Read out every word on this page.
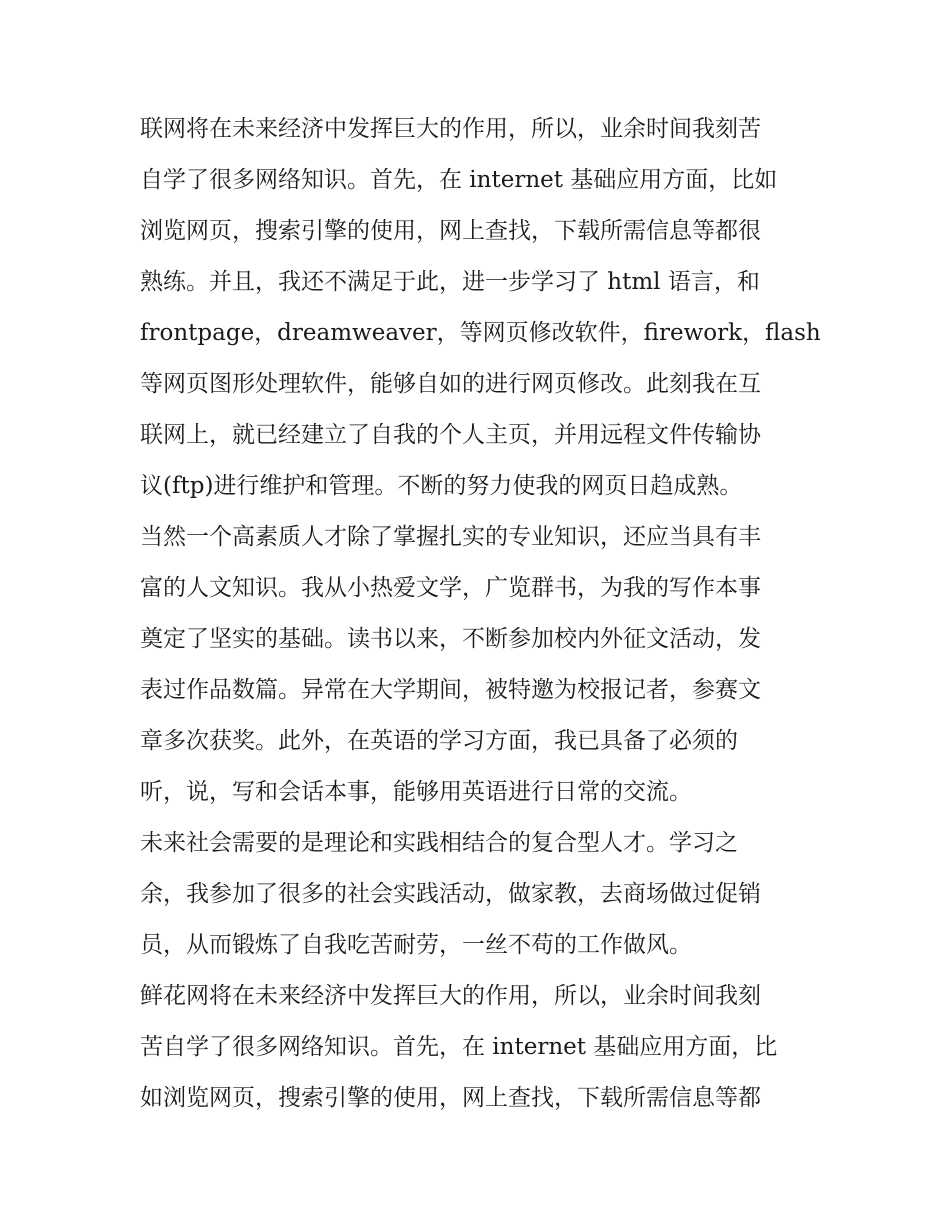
联网将在未来经济中发挥巨大的作用，所以，业余时间我刻苦
自学了很多网络知识。首先，在 internet 基础应用方面，比如
浏览网页，搜索引擎的使用，网上查找，下载所需信息等都很
熟练。并且，我还不满足于此，进一步学习了 html 语言，和
frontpage，dreamweaver，等网页修改软件，firework，flash
等网页图形处理软件，能够自如的进行网页修改。此刻我在互
联网上，就已经建立了自我的个人主页，并用远程文件传输协
议(ftp)进行维护和管理。不断的努力使我的网页日趋成熟。
当然一个高素质人才除了掌握扎实的专业知识，还应当具有丰
富的人文知识。我从小热爱文学，广览群书，为我的写作本事
奠定了坚实的基础。读书以来，不断参加校内外征文活动，发
表过作品数篇。异常在大学期间，被特邀为校报记者，参赛文
章多次获奖。此外，在英语的学习方面，我已具备了必须的
听，说，写和会话本事，能够用英语进行日常的交流。
未来社会需要的是理论和实践相结合的复合型人才。学习之
余，我参加了很多的社会实践活动，做家教，去商场做过促销
员，从而锻炼了自我吃苦耐劳，一丝不苟的工作做风。
鲜花网将在未来经济中发挥巨大的作用，所以，业余时间我刻
苦自学了很多网络知识。首先，在 internet 基础应用方面，比
如浏览网页，搜索引擎的使用，网上查找，下载所需信息等都
